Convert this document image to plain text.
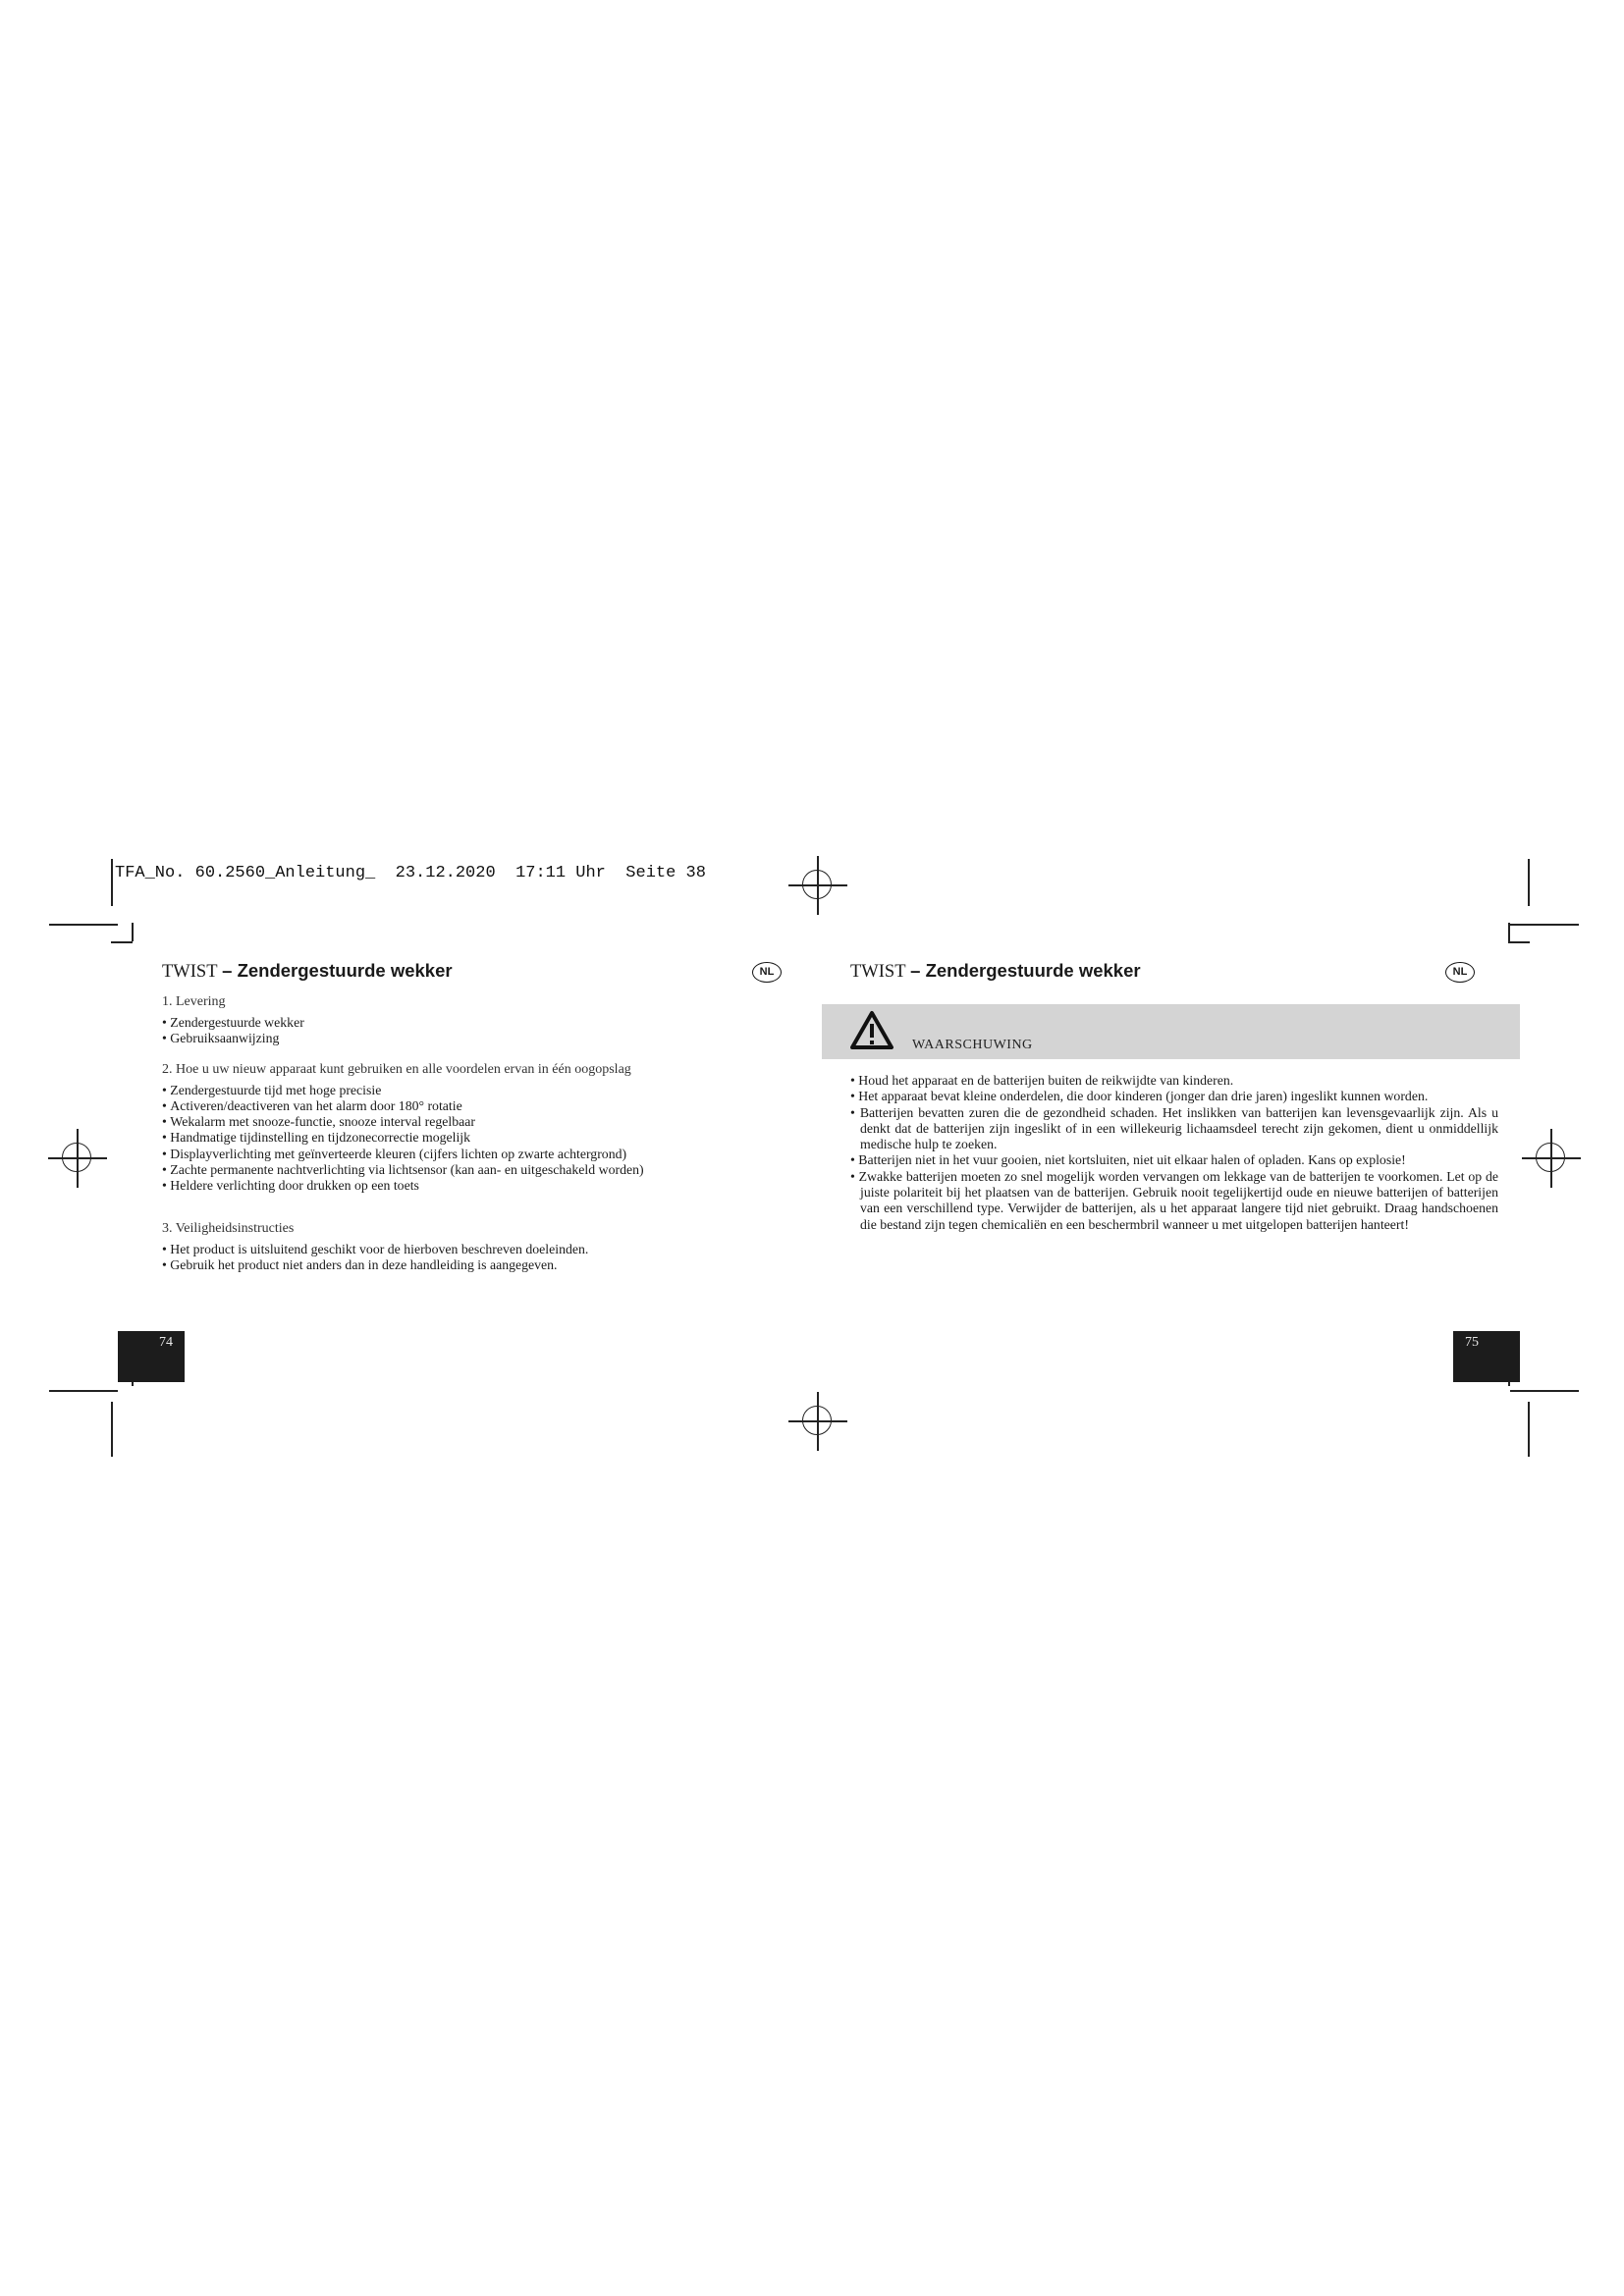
TFA_No. 60.2560_Anleitung_  23.12.2020  17:11 Uhr  Seite 38
TWIST – Zendergestuurde wekker	NL
1. Levering
• Zendergestuurde wekker
• Gebruiksaanwijzing
2. Hoe u uw nieuw apparaat kunt gebruiken en alle voordelen ervan in één oogopslag
• Zendergestuurde tijd met hoge precisie
• Activeren/deactiveren van het alarm door 180° rotatie
• Wekalarm met snooze-functie, snooze interval regelbaar
• Handmatige tijdinstelling en tijdzonecorrectie mogelijk
• Displayverlichting met geïnverteerde kleuren (cijfers lichten op zwarte achtergrond)
• Zachte permanente nachtverlichting via lichtsensor (kan aan- en uitgeschakeld worden)
• Heldere verlichting door drukken op een toets
3. Veiligheidsinstructies
• Het product is uitsluitend geschikt voor de hierboven beschreven doeleinden.
• Gebruik het product niet anders dan in deze handleiding is aangegeven.
74
TWIST – Zendergestuurde wekker	NL
WAARSCHUWING
• Houd het apparaat en de batterijen buiten de reikwijdte van kinderen.
• Het apparaat bevat kleine onderdelen, die door kinderen (jonger dan drie jaren) ingeslikt kunnen worden.
• Batterijen bevatten zuren die de gezondheid schaden. Het inslikken van batterijen kan levensgevaarlijk zijn. Als u denkt dat de batterijen zijn ingeslikt of in een willekeurig lichaamsdeel terecht zijn gekomen, dient u onmiddellijk medische hulp te zoeken.
• Batterijen niet in het vuur gooien, niet kortsluiten, niet uit elkaar halen of opladen. Kans op explosie!
• Zwakke batterijen moeten zo snel mogelijk worden vervangen om lekkage van de batterijen te voorkomen. Let op de juiste polariteit bij het plaatsen van de batterijen. Gebruik nooit tegelijkertijd oude en nieuwe batterijen of batterijen van een verschillend type. Verwijder de batterijen, als u het apparaat langere tijd niet gebruikt. Draag handschoenen die bestand zijn tegen chemicaliën en een beschermbril wanneer u met uitgelopen batterijen hanteert!
75
